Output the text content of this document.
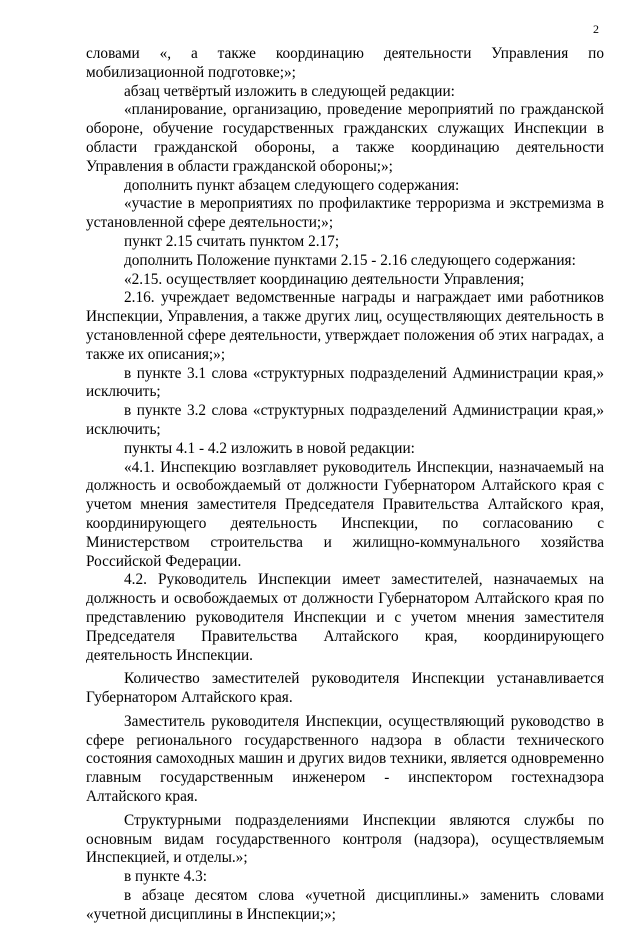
2

словами «, а также координацию деятельности Управления по мобилизационной подготовке;»;

абзац четвёртый изложить в следующей редакции:

«планирование, организацию, проведение мероприятий по гражданской обороне, обучение государственных гражданских служащих Инспекции в области гражданской обороны, а также координацию деятельности Управления в области гражданской обороны;»;

дополнить пункт абзацем следующего содержания:

«участие в мероприятиях по профилактике терроризма и экстремизма в установленной сфере деятельности;»;

пункт 2.15 считать пунктом 2.17;

дополнить Положение пунктами 2.15 - 2.16 следующего содержания:

«2.15. осуществляет координацию деятельности Управления;

2.16. учреждает ведомственные награды и награждает ими работников Инспекции, Управления, а также других лиц, осуществляющих деятельность в установленной сфере деятельности, утверждает положения об этих наградах, а также их описания;»;

в пункте 3.1 слова «структурных подразделений Администрации края,» исключить;

в пункте 3.2 слова «структурных подразделений Администрации края,» исключить;

пункты 4.1 - 4.2 изложить в новой редакции:

«4.1. Инспекцию возглавляет руководитель Инспекции, назначаемый на должность и освобождаемый от должности Губернатором Алтайского края с учетом мнения заместителя Председателя Правительства Алтайского края, координирующего деятельность Инспекции, по согласованию с Министерством строительства и жилищно-коммунального хозяйства Российской Федерации.

4.2. Руководитель Инспекции имеет заместителей, назначаемых на должность и освобождаемых от должности Губернатором Алтайского края по представлению руководителя Инспекции и с учетом мнения заместителя Председателя Правительства Алтайского края, координирующего деятельность Инспекции.

Количество заместителей руководителя Инспекции устанавливается Губернатором Алтайского края.

Заместитель руководителя Инспекции, осуществляющий руководство в сфере регионального государственного надзора в области технического состояния самоходных машин и других видов техники, является одновременно главным государственным инженером - инспектором гостехнадзора Алтайского края.

Структурными подразделениями Инспекции являются службы по основным видам государственного контроля (надзора), осуществляемым Инспекцией, и отделы.»;

в пункте 4.3:

в абзаце десятом слова «учетной дисциплины.» заменить словами «учетной дисциплины в Инспекции;»;
